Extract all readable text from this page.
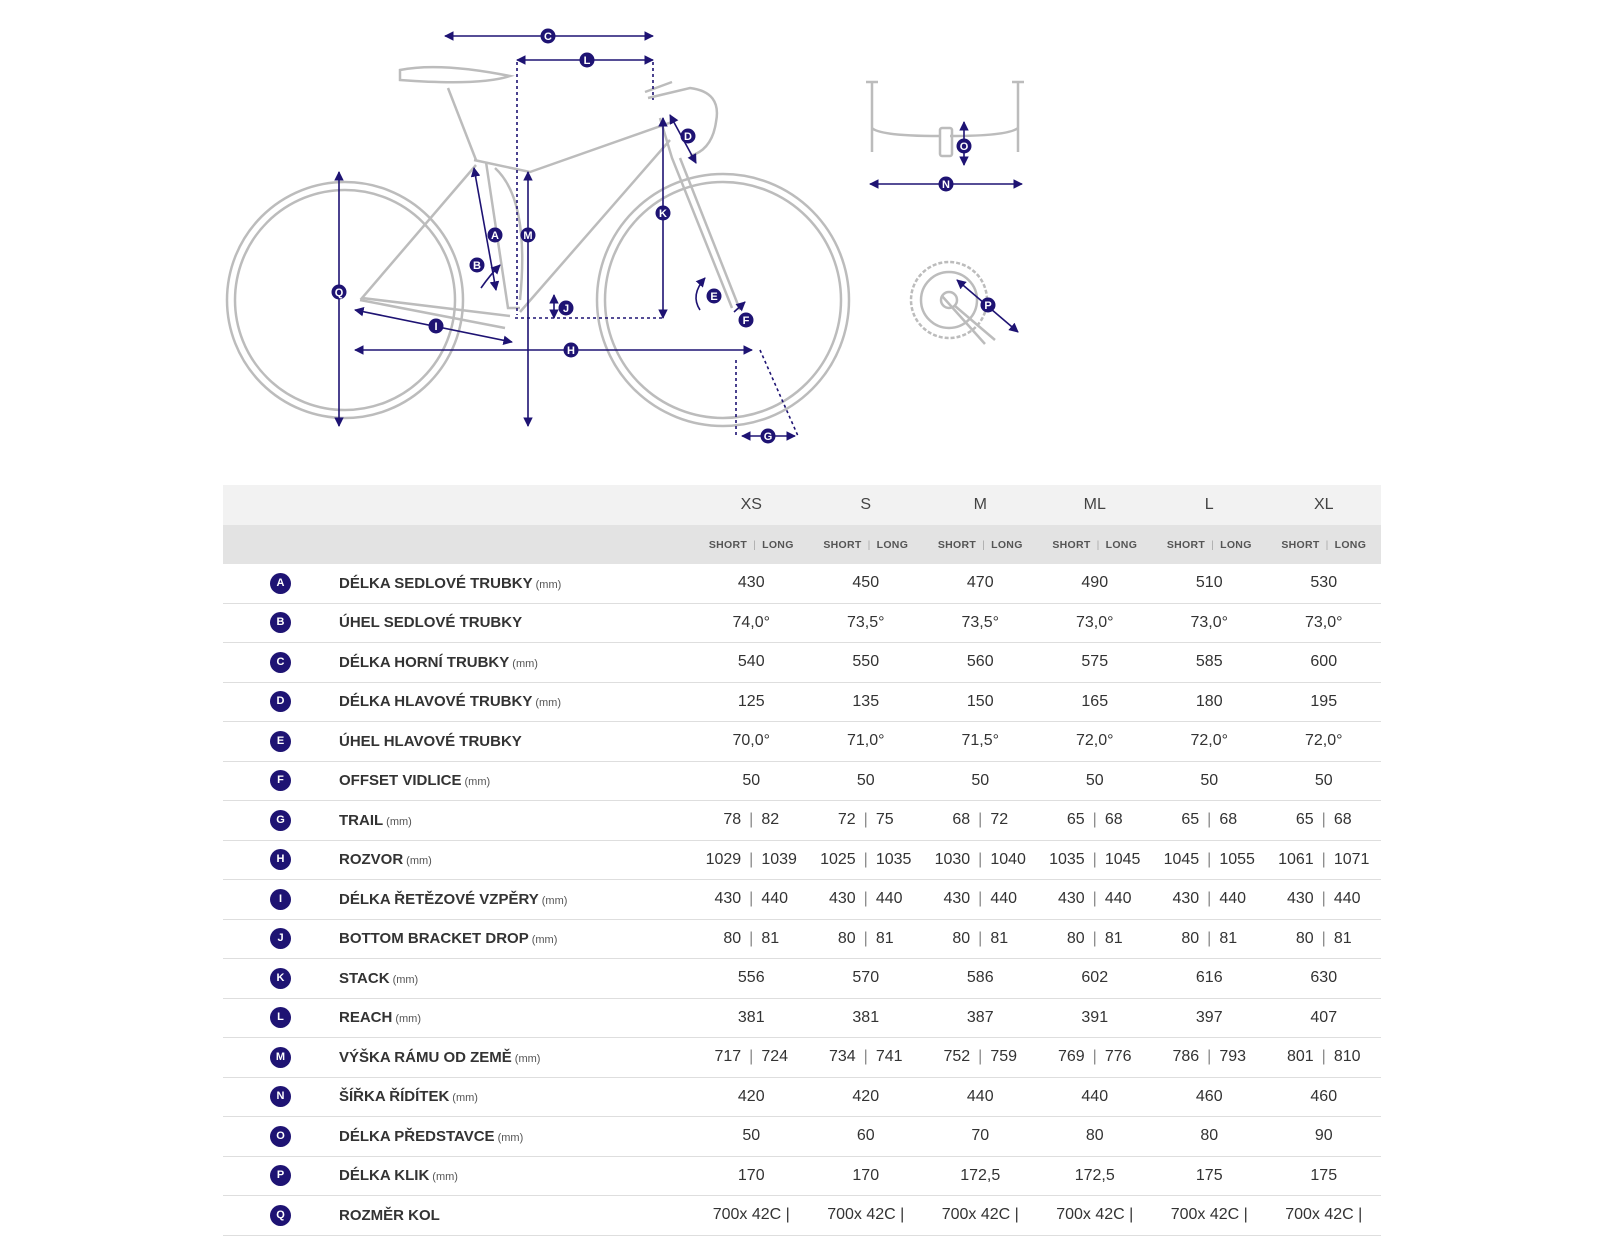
A
B
C
D
E
F
G
H
I
J
K
L
M
N
O
P
Q
		XS	S	M	ML	L	XL
		SHORT | LONG	SHORT | LONG	SHORT | LONG	SHORT | LONG	SHORT | LONG	SHORT | LONG
A	DÉLKA SEDLOVÉ TRUBKY (mm)	430	450	470	490	510	530
B	ÚHEL SEDLOVÉ TRUBKY	74,0°	73,5°	73,5°	73,0°	73,0°	73,0°
C	DÉLKA HORNÍ TRUBKY (mm)	540	550	560	575	585	600
D	DÉLKA HLAVOVÉ TRUBKY (mm)	125	135	150	165	180	195
E	ÚHEL HLAVOVÉ TRUBKY	70,0°	71,0°	71,5°	72,0°	72,0°	72,0°
F	OFFSET VIDLICE (mm)	50	50	50	50	50	50
G	TRAIL (mm)	78 | 82	72 | 75	68 | 72	65 | 68	65 | 68	65 | 68
H	ROZVOR (mm)	1029 | 1039	1025 | 1035	1030 | 1040	1035 | 1045	1045 | 1055	1061 | 1071
I	DÉLKA ŘETĚZOVÉ VZPĚRY (mm)	430 | 440	430 | 440	430 | 440	430 | 440	430 | 440	430 | 440
J	BOTTOM BRACKET DROP (mm)	80 | 81	80 | 81	80 | 81	80 | 81	80 | 81	80 | 81
K	STACK (mm)	556	570	586	602	616	630
L	REACH (mm)	381	381	387	391	397	407
M	VÝŠKA RÁMU OD ZEMĚ (mm)	717 | 724	734 | 741	752 | 759	769 | 776	786 | 793	801 | 810
N	ŠÍŘKA ŘÍDÍTEK (mm)	420	420	440	440	460	460
O	DÉLKA PŘEDSTAVCE (mm)	50	60	70	80	80	90
P	DÉLKA KLIK (mm)	170	170	172,5	172,5	175	175
Q	ROZMĚR KOL	700x 42C |	700x 42C |	700x 42C |	700x 42C |	700x 42C |	700x 42C |
